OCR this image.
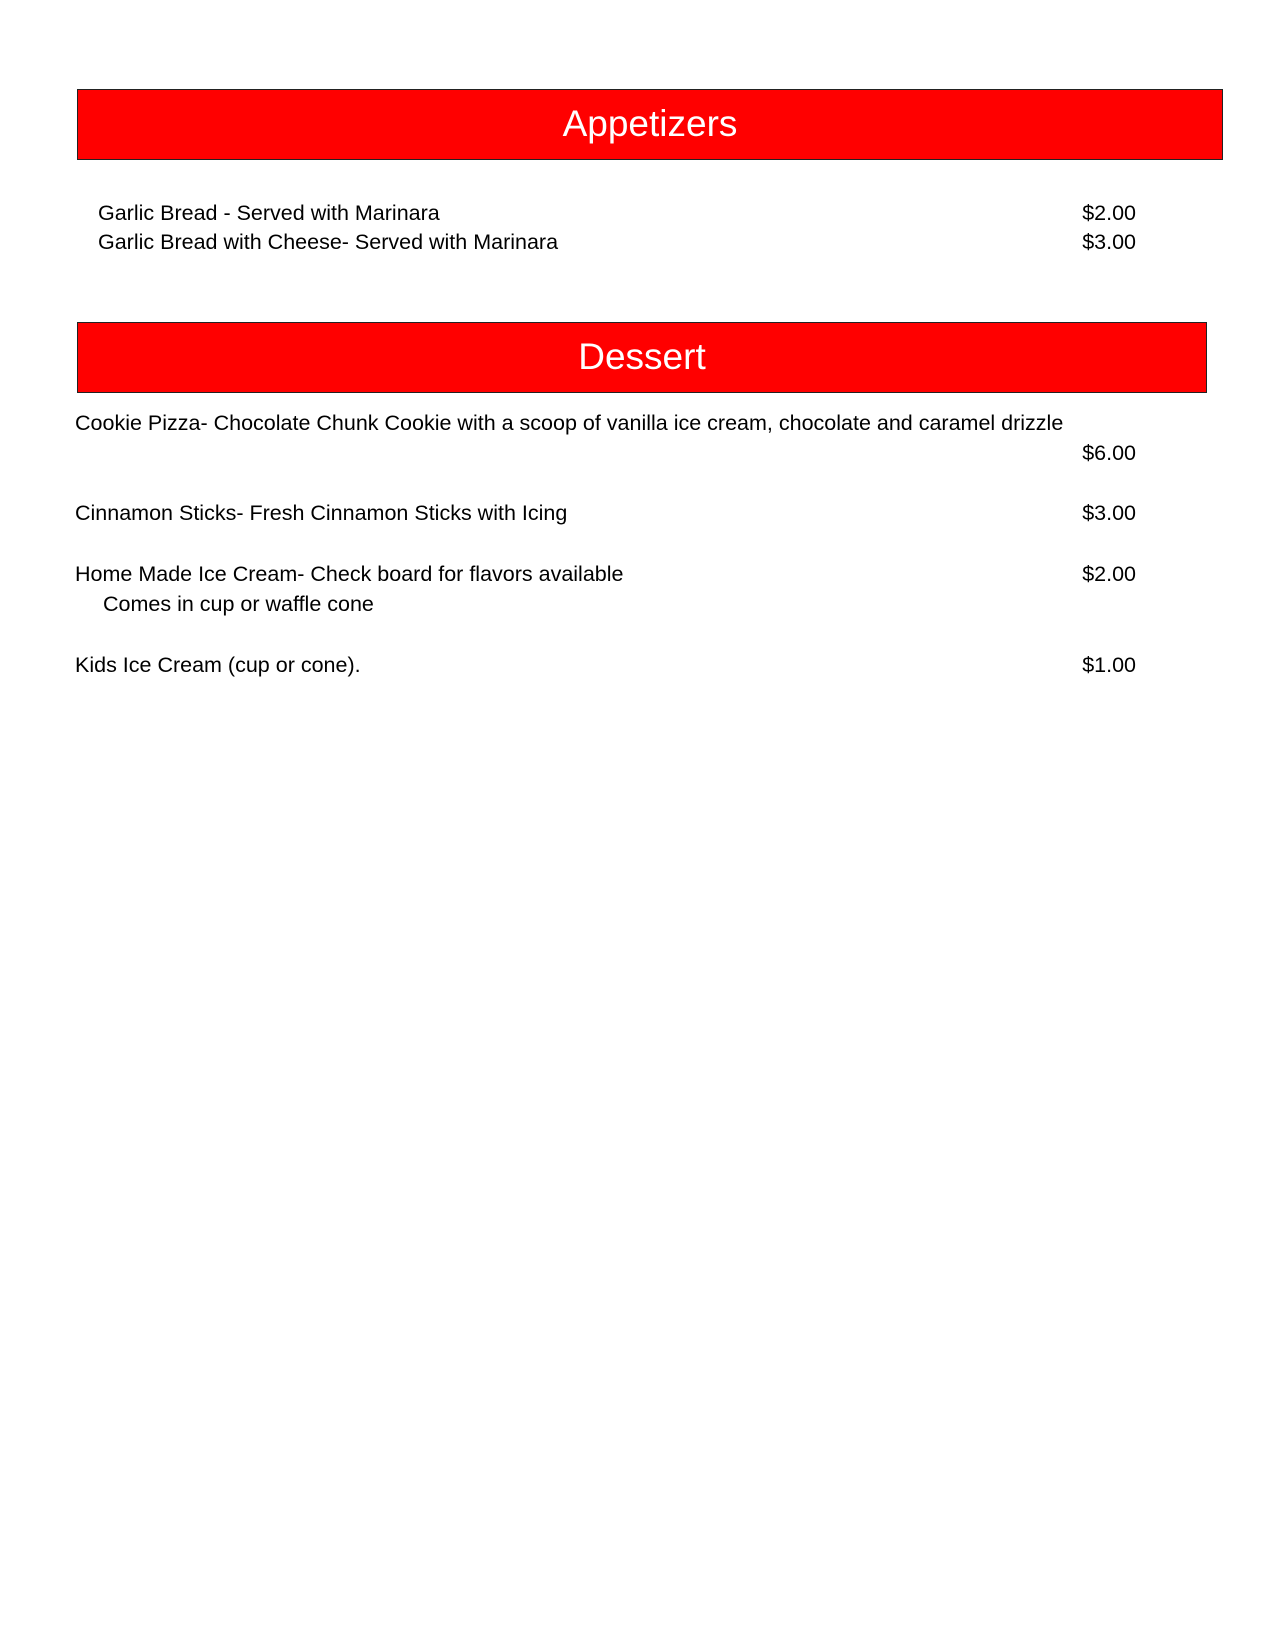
Appetizers
Garlic Bread - Served with Marinara	$2.00
Garlic Bread with Cheese- Served with Marinara	$3.00
Dessert
Cookie Pizza- Chocolate Chunk Cookie with a scoop of vanilla ice cream, chocolate and caramel drizzle
$6.00
Cinnamon Sticks- Fresh Cinnamon Sticks with Icing	$3.00
Home Made Ice Cream- Check board for flavors available	$2.00
Comes in cup or waffle cone
Kids Ice Cream (cup or cone).	$1.00
